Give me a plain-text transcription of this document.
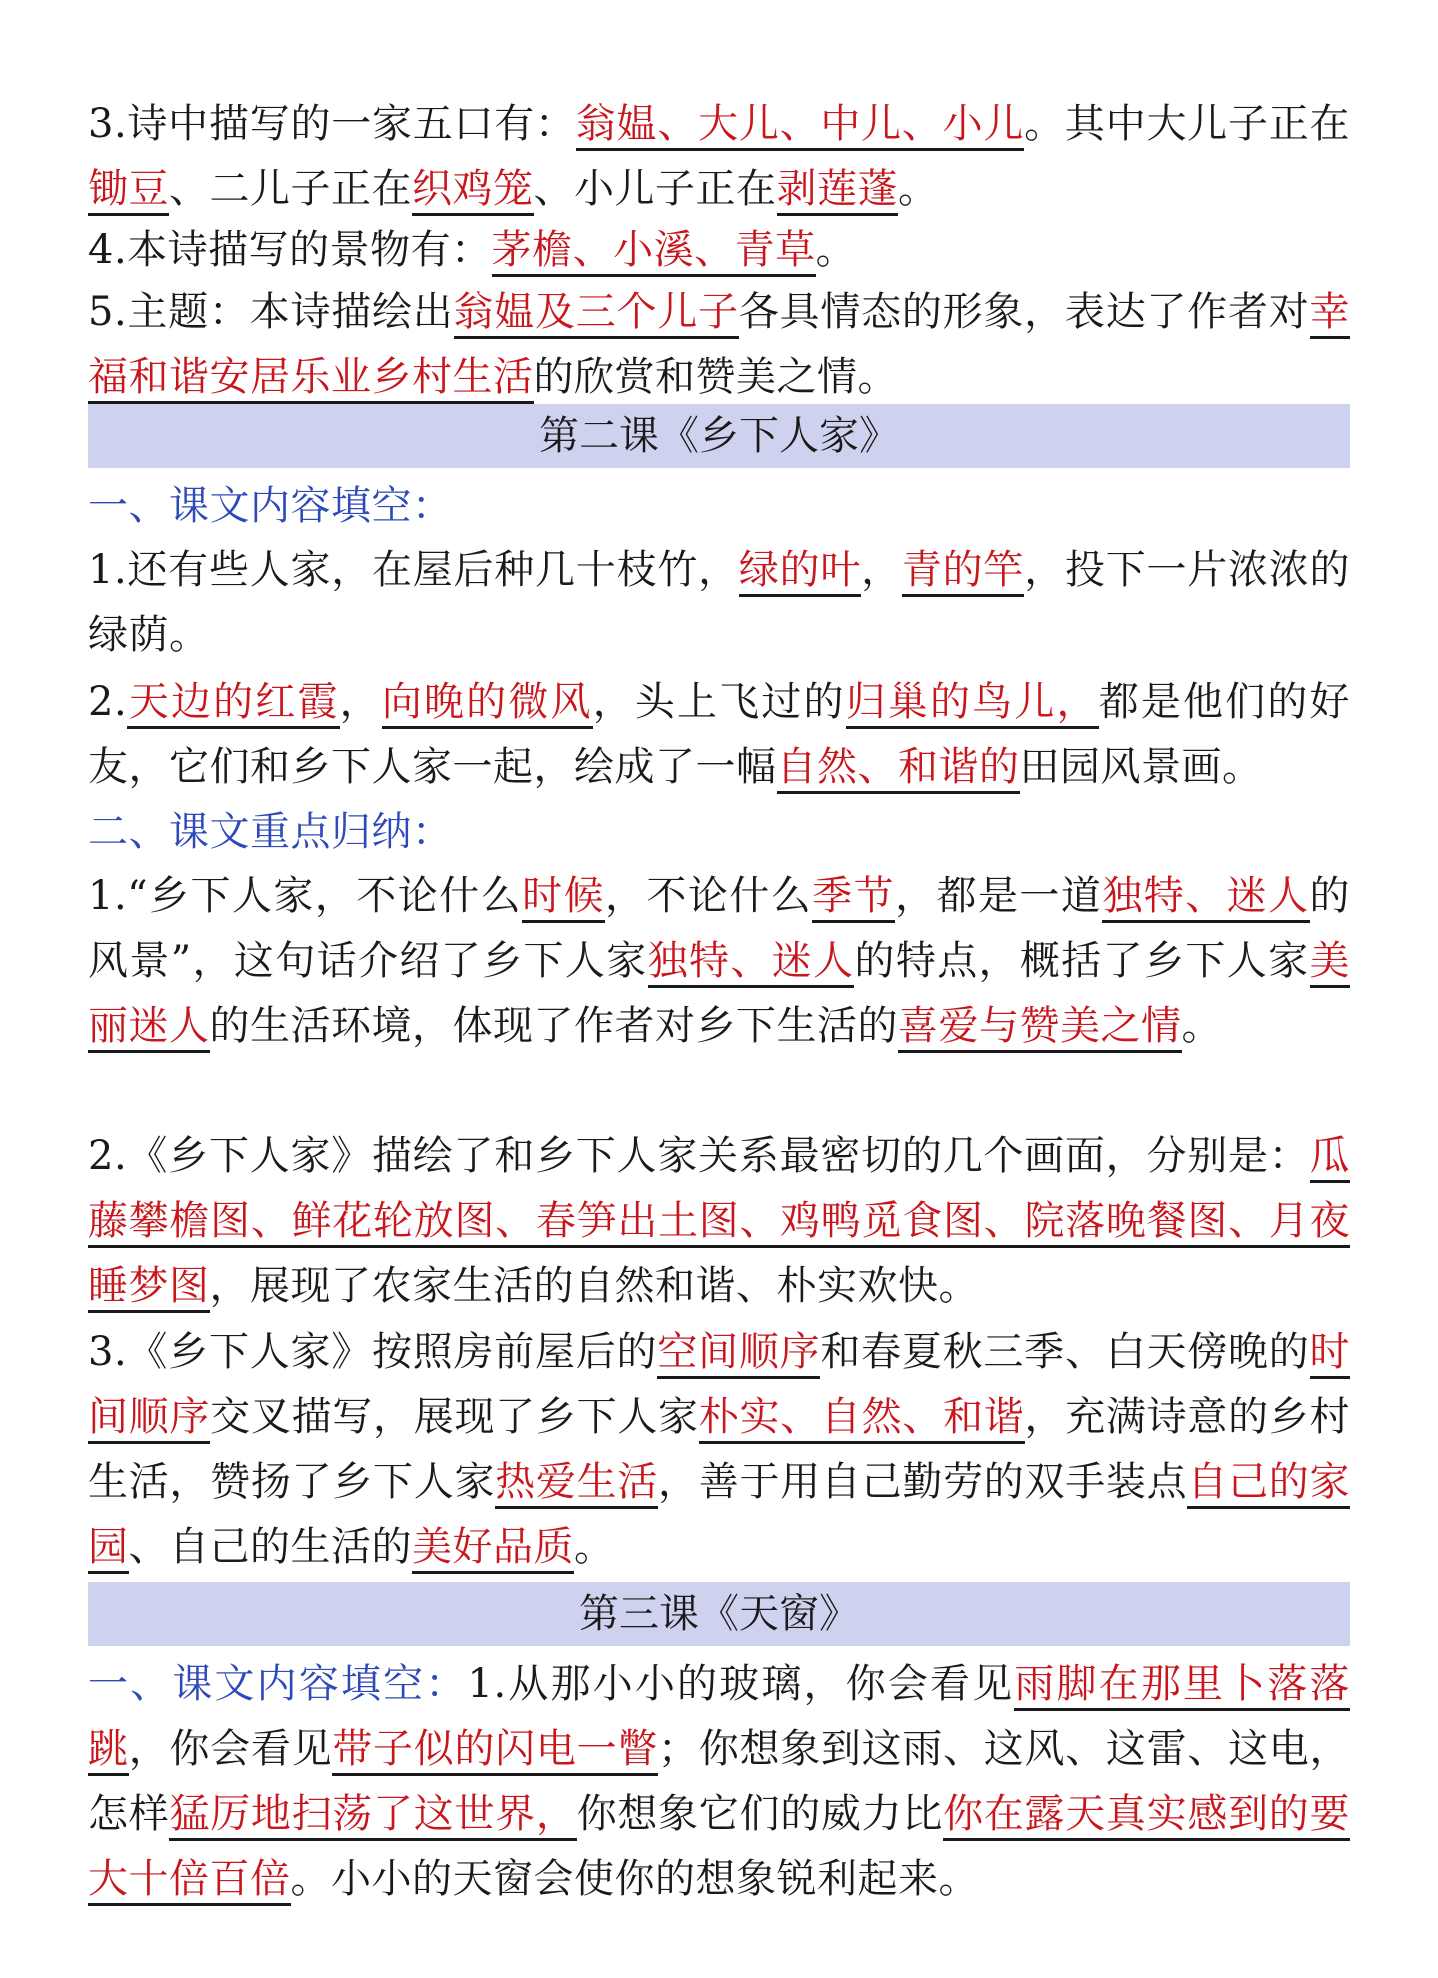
3.诗中描写的一家五口有：翁媪、大儿、中儿、小儿。其中大儿子正在锄豆、二儿子正在织鸡笼、小儿子正在剥莲蓬。
4.本诗描写的景物有：茅檐、小溪、青草。
5.主题：本诗描绘出翁媪及三个儿子各具情态的形象，表达了作者对幸福和谐安居乐业乡村生活的欣赏和赞美之情。
第二课《乡下人家》
一、课文内容填空：
1.还有些人家，在屋后种几十枝竹，绿的叶，青的竿，投下一片浓浓的绿荫。
2.天边的红霞，向晚的微风，头上飞过的归巢的鸟儿，都是他们的好友，它们和乡下人家一起，绘成了一幅自然、和谐的田园风景画。
二、课文重点归纳：
1.“乡下人家，不论什么时候，不论什么季节，都是一道独特、迷人的风景”，这句话介绍了乡下人家独特、迷人的特点，概括了乡下人家美丽迷人的生活环境，体现了作者对乡下生活的喜爱与赞美之情。
2.《乡下人家》描绘了和乡下人家关系最密切的几个画面，分别是：瓜藤攀檐图、鲜花轮放图、春笋出土图、鸡鸭觅食图、院落晚餐图、月夜睡梦图，展现了农家生活的自然和谐、朴实欢快。
3.《乡下人家》按照房前屋后的空间顺序和春夏秋三季、白天傍晚的时间顺序交叉描写，展现了乡下人家朴实、自然、和谐，充满诗意的乡村生活，赞扬了乡下人家热爱生活，善于用自己勤劳的双手装点自己的家园、自己的生活的美好品质。
第三课《天窗》
一、课文内容填空：1.从那小小的玻璃，你会看见雨脚在那里卜落落跳，你会看见带子似的闪电一瞥；你想象到这雨、这风、这雷、这电，怎样猛厉地扫荡了这世界，你想象它们的威力比你在露天真实感到的要大十倍百倍。小小的天窗会使你的想象锐利起来。
